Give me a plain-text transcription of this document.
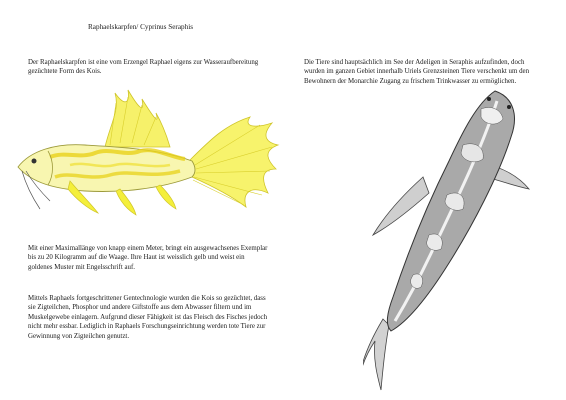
Raphaelskarpfen/ Cyprinus Seraphis

Der Raphaelskarpfen ist eine vom Erzengel Raphael eigens zur Wasseraufbereitung gezüchtete Form des Kois.

Mit einer Maximallänge von knapp einem Meter, bringt ein ausgewachsenes Exemplar bis zu 20 Kilogramm auf die Waage. Ihre Haut ist weisslich gelb und weist ein goldenes Muster mit Engelsschrift auf.

Mittels Raphaels fortgeschrittener Gentechnologie wurden die Kois so gezüchtet, dass sie Zigteilchen, Phosphor und andere Giftstoffe aus dem Abwasser filtern und im Muskelgewebe einlagern. Aufgrund dieser Fähigkeit ist das Fleisch des Fisches jedoch nicht mehr essbar. Lediglich in Raphaels Forschungseinrichtung werden tote Tiere zur Gewinnung von Zigteilchen genutzt.

Die Tiere sind hauptsächlich im See der Adeligen in Seraphis aufzufinden, doch wurden im ganzen Gebiet innerhalb Uriels Grenzsteinen Tiere verschenkt um den Bewohnern der Monarchie Zugang zu frischem Trinkwasser zu ermöglichen.
